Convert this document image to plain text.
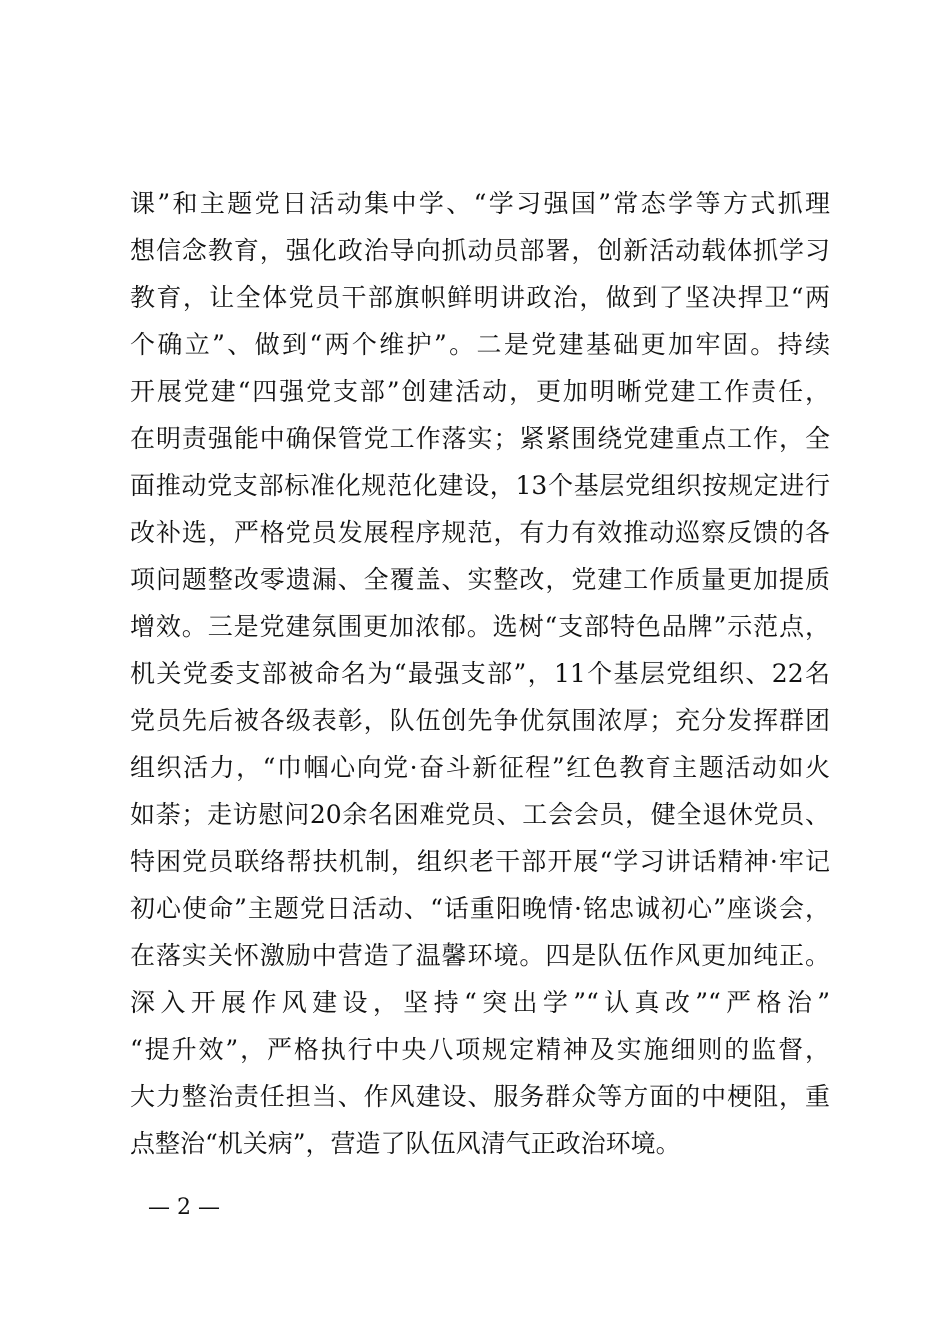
课”和主题党日活动集中学、“学习强国”常态学等方式抓理
想信念教育，强化政治导向抓动员部署，创新活动载体抓学习
教育，让全体党员干部旗帜鲜明讲政治，做到了坚决捍卫“两
个确立”、做到“两个维护”。二是党建基础更加牢固。持续
开展党建“四强党支部”创建活动，更加明晰党建工作责任，
在明责强能中确保管党工作落实；紧紧围绕党建重点工作，全
面推动党支部标准化规范化建设，13个基层党组织按规定进行
改补选，严格党员发展程序规范，有力有效推动巡察反馈的各
项问题整改零遗漏、全覆盖、实整改，党建工作质量更加提质
增效。三是党建氛围更加浓郁。选树“支部特色品牌”示范点，
机关党委支部被命名为“最强支部”，11个基层党组织、22名
党员先后被各级表彰，队伍创先争优氛围浓厚；充分发挥群团
组织活力，“巾帼心向党·奋斗新征程”红色教育主题活动如火
如荼；走访慰问20余名困难党员、工会会员，健全退休党员、
特困党员联络帮扶机制，组织老干部开展“学习讲话精神·牢记
初心使命”主题党日活动、“话重阳晚情·铭忠诚初心”座谈会，
在落实关怀激励中营造了温馨环境。四是队伍作风更加纯正。
深入开展作风建设，坚持“突出学”“认真改”“严格治”
“提升效”，严格执行中央八项规定精神及实施细则的监督，
大力整治责任担当、作风建设、服务群众等方面的中梗阻，重
点整治“机关病”，营造了队伍风清气正政治环境。
— 2 —
